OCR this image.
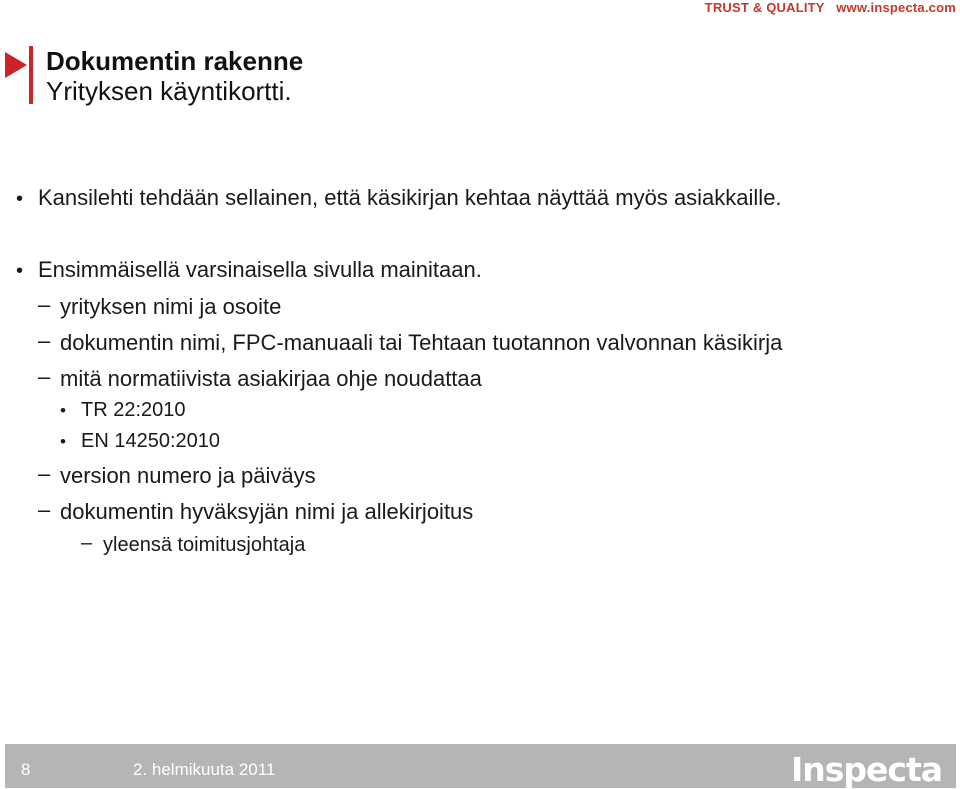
TRUST & QUALITY www.inspecta.com
Dokumentin rakenne
Yrityksen käyntikortti.
• Kansilehti tehdään sellainen, että käsikirjan kehtaa näyttää myös asiakkaille.
• Ensimmäisellä varsinaisella sivulla mainitaan.
– yrityksen nimi ja osoite
– dokumentin nimi, FPC-manuaali tai Tehtaan tuotannon valvonnan käsikirja
– mitä normatiivista asiakirjaa ohje noudattaa
• TR 22:2010
• EN 14250:2010
– version numero ja päiväys
– dokumentin hyväksyjän nimi ja allekirjoitus
– yleensä toimitusjohtaja
8	2. helmikuuta 2011	Inspecta
